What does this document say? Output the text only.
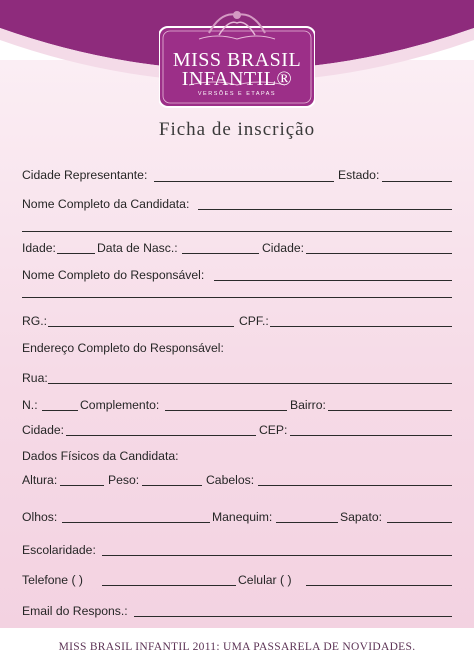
MISS BRASIL
INFANTIL®
VERSÕES E ETAPAS
Ficha de inscrição
Cidade Representante:	Estado:
Nome Completo da Candidata:
Idade:	Data de Nasc.:	Cidade:
Nome Completo do Responsável:
RG.:	CPF.:
Endereço Completo do Responsável:
Rua:
N.:	Complemento:	Bairro:
Cidade:	CEP:
Dados Físicos da Candidata:
Altura:	Peso:	Cabelos:
Olhos:	Manequim:	Sapato:
Escolaridade:
Telefone ( )	Celular ( )
Email do Respons.:
MISS BRASIL INFANTIL 2011: UMA PASSARELA DE NOVIDADES.
